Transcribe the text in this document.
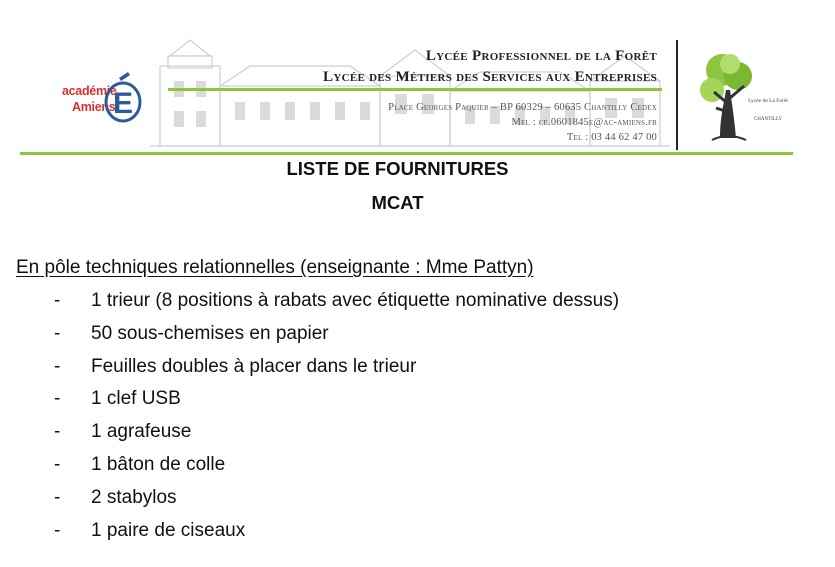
académie
Amiens
E
Lycée Professionnel de la Forêt
Lycée des Métiers des Services aux Entreprises
Place Georges Paquier – BP 60329 – 60635 Chantilly Cedex
Mel : ce.0601845e@ac-amiens.fr
Tel : 03 44 62 47 00
Lycée de La Forêt
CHANTILLY
LISTE DE FOURNITURES
MCAT
En pôle techniques relationnelles (enseignante : Mme Pattyn)
-	1 trieur (8 positions à rabats avec étiquette nominative dessus)
-	50 sous-chemises en papier
-	Feuilles doubles à placer dans le trieur
-	1 clef USB
-	1 agrafeuse
-	1 bâton de colle
-	2 stabylos
-	1 paire de ciseaux
